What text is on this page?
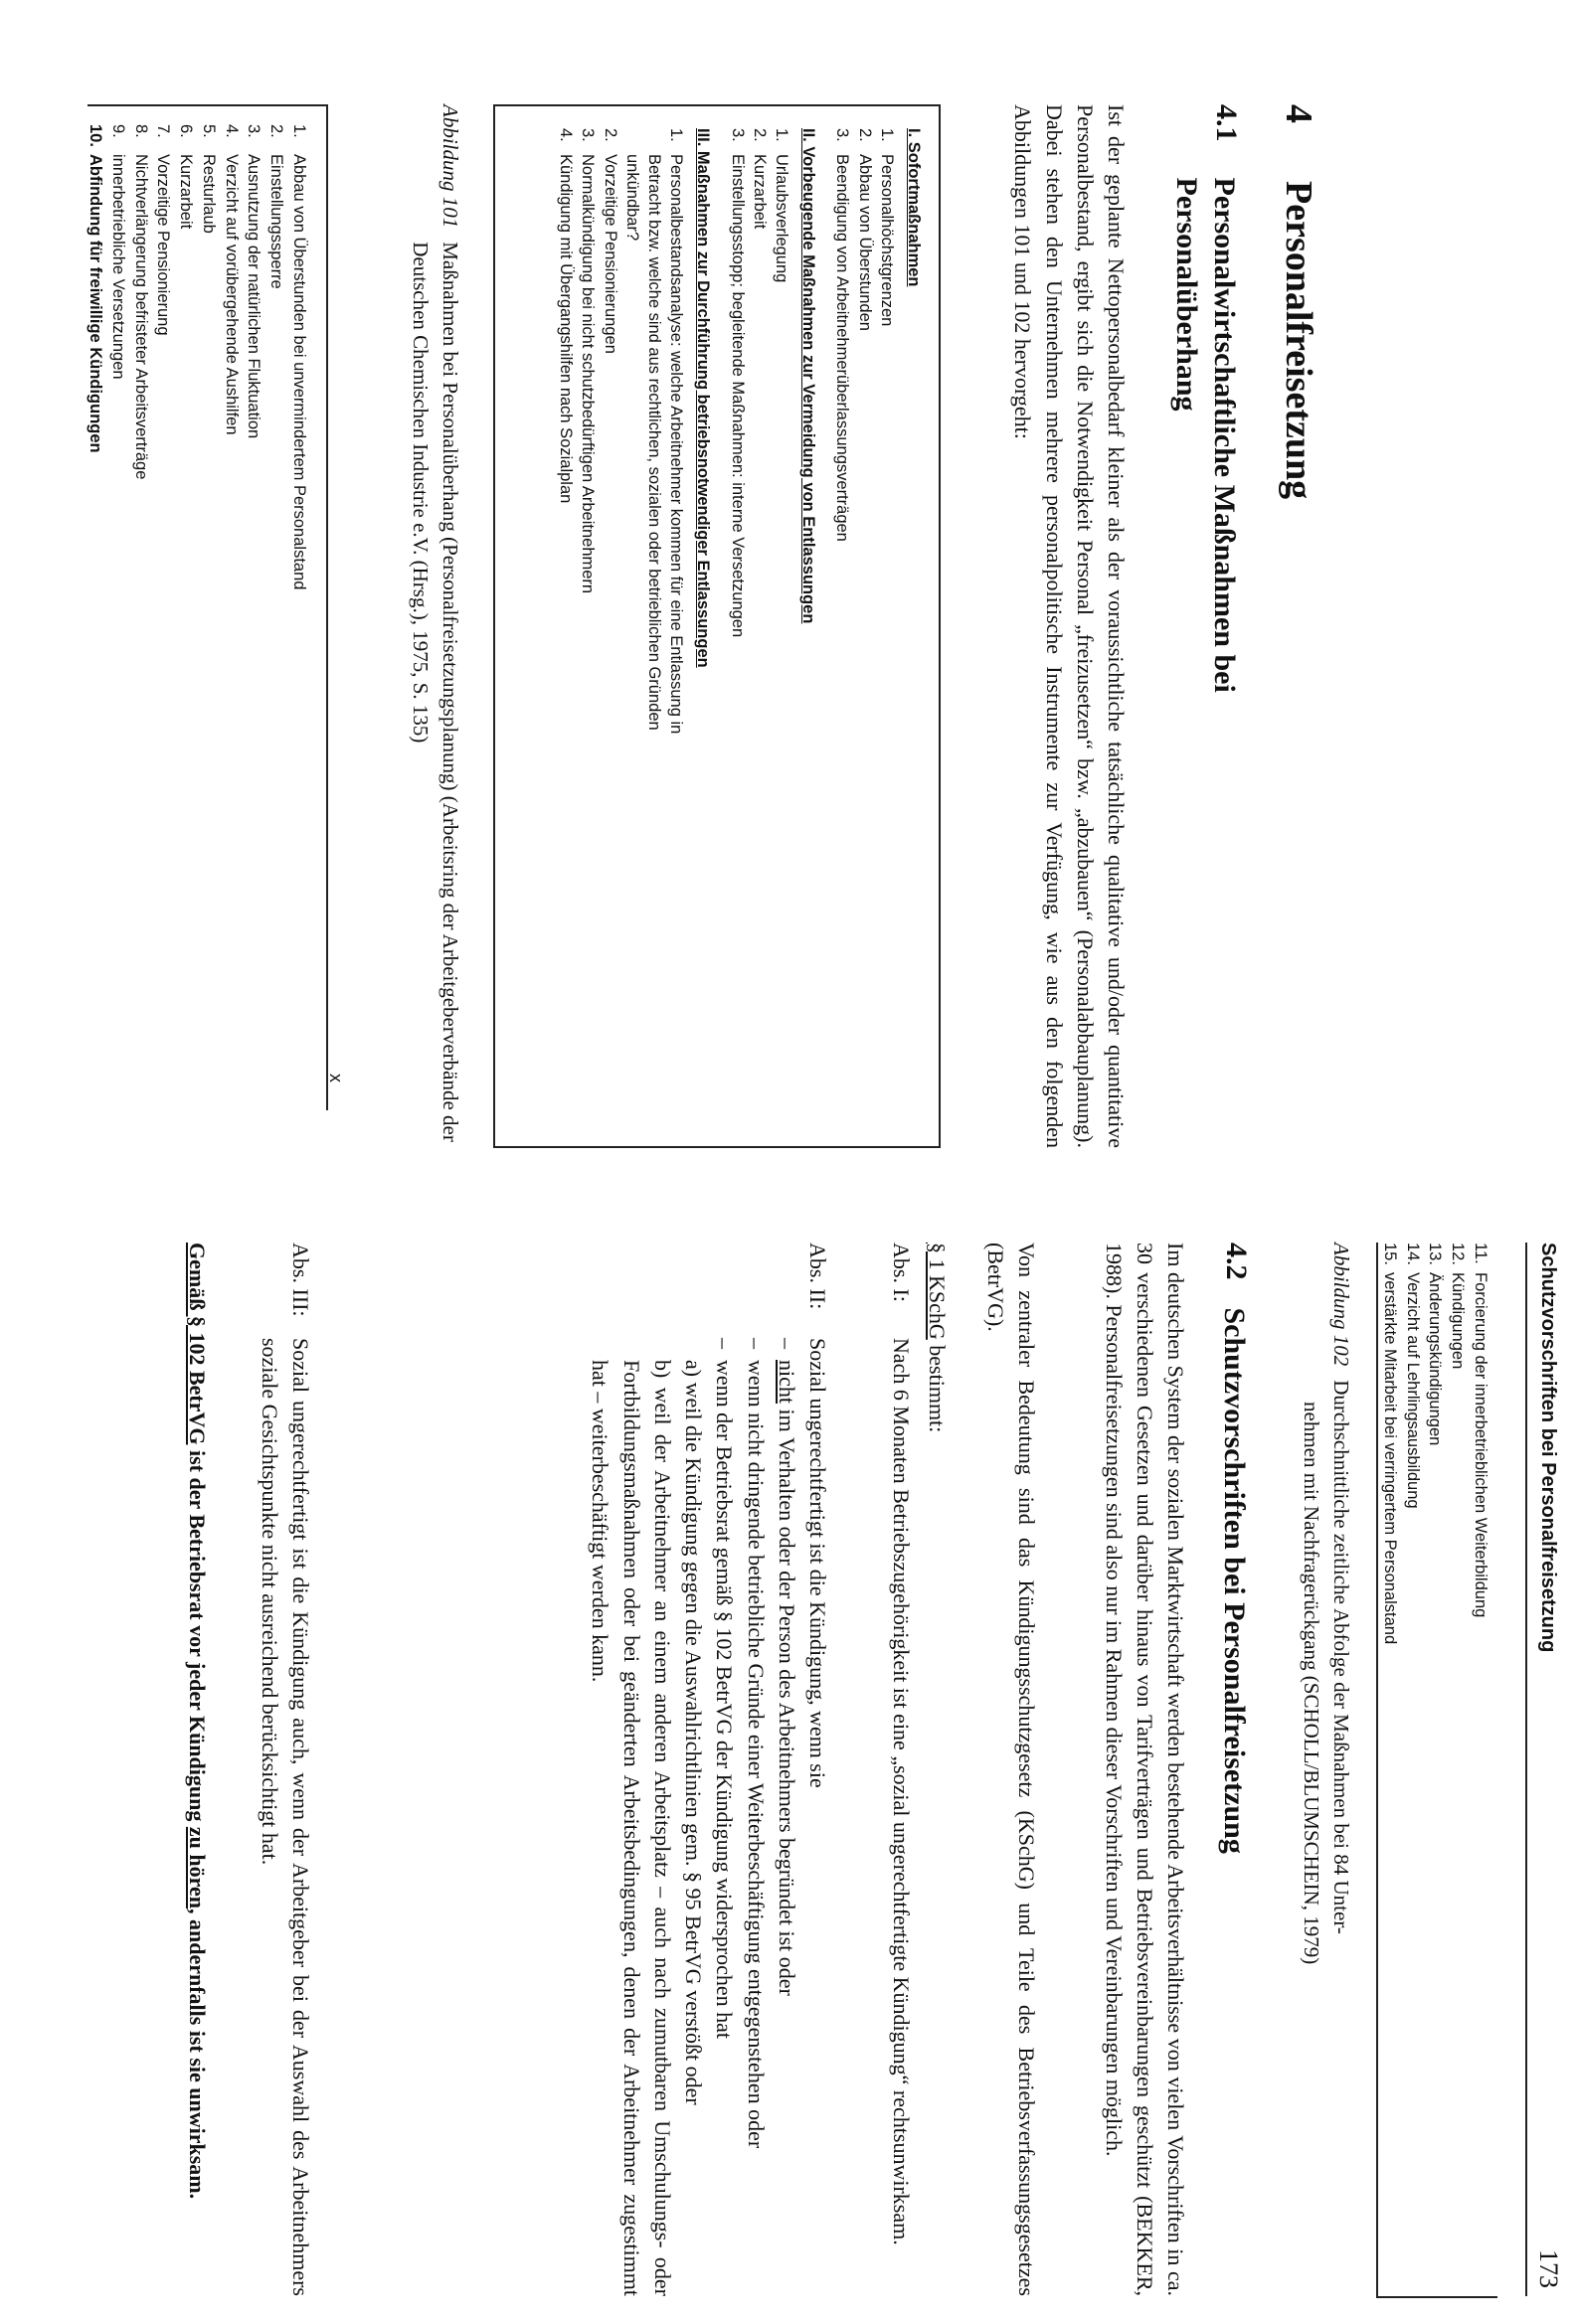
4
Personalfreisetzung
4.1
Personalwirtschaftliche Maßnahmen bei
Personalüberhang

Ist der geplante Nettopersonalbedarf kleiner als der voraussichtliche tatsächliche qualitative und/oder quantitative Personalbestand, ergibt sich die Notwendigkeit Personal „freizusetzen“ bzw. „abzubauen“ (Personalabbauplanung). Dabei stehen den Unternehmen mehrere personalpolitische Instrumente zur Verfügung, wie aus den folgenden Abbildungen 101 und 102 hervorgeht:

I. Sofortmaßnahmen
1.
Personalhöchstgrenzen
2.
Abbau von Überstunden
3.
Beendigung von Arbeitnehmerüberlassungsverträgen
II. Vorbeugende Maßnahmen zur Vermeidung von Entlassungen
1.
Urlaubsverlegung
2.
Kurzarbeit
3.
Einstellungsstopp; begleitende Maßnahmen: interne Versetzungen
III. Maßnahmen zur Durchführung betriebsnotwendiger Entlassungen
1.
Personalbestandsanalyse: welche Arbeitnehmer kommen für eine Entlassung in Betracht bzw. welche sind aus rechtlichen, sozialen oder betrieblichen Gründen unkündbar?
2.
Vorzeitige Pensionierungen
3.
Normalkündigung bei nicht schutzbedürftigen Arbeitnehmern
4.
Kündigung mit Übergangshilfen nach Sozialplan
Abbildung 101
Maßnahmen bei Personalüberhang (Personalfreisetzungsplanung) (Arbeitsring der Arbeitgeberverbände der Deutschen Chemischen Industrie e.V. (Hrsg.), 1975, S. 135)
x
1.
Abbau von Überstunden bei unvermindertem Personalstand
2.
Einstellungssperre
3.
Ausnutzung der natürlichen Fluktuation
4.
Verzicht auf vorübergehende Aushilfen
5.
Resturlaub
6.
Kurzarbeit
7.
Vorzeitige Pensionierung
8.
Nichtverlängerung befristeter Arbeitsverträge
9.
innerbetriebliche Versetzungen
10.
Abfindung für freiwillige Kündigungen
Schutzvorschriften bei Personalfreisetzung
173
11.
Forcierung der innerbetrieblichen Weiterbildung
12.
Kündigungen
13.
Änderungskündigungen
14.
Verzicht auf Lehrlingsausbildung
15.
verstärkte Mitarbeit bei verringertem Personalstand
Abbildung 102
Durchschnittliche zeitliche Abfolge der Maßnahmen bei 84 Unter-
nehmen mit Nachfragerückgang (SCHOLL/BLUMSCHEIN, 1979)
4.2
Schutzvorschriften bei Personalfreisetzung

Im deutschen System der sozialen Marktwirtschaft werden bestehende Arbeitsverhältnisse von vielen Vorschriften in ca. 30 verschiedenen Gesetzen und darüber hinaus von Tarifverträgen und Betriebsvereinbarungen geschützt (BEKKER, 1988). Personalfreisetzungen sind also nur im Rahmen dieser Vorschriften und Vereinbarungen möglich.

Von zentraler Bedeutung sind das Kündigungsschutzgesetz (KSchG) und Teile des Betriebsverfassungsgesetzes (BetrVG).

§ 1 KSchG bestimmt:
Abs. I:
Nach 6 Monaten Betriebszugehörigkeit ist eine „sozial ungerechtfertigte Kündigung“ rechtsunwirksam.
Abs. II:
Sozial ungerechtfertigt ist die Kündigung, wenn sie
–
nicht im Verhalten oder der Person des Arbeitnehmers begründet ist oder
–
wenn nicht dringende betriebliche Gründe einer Weiterbeschäftigung entgegenstehen oder
–
wenn der Betriebsrat gemäß § 102 BetrVG der Kündigung widersprochen hat
a) weil die Kündigung gegen die Auswahlrichtlinien gem. § 95 BetrVG verstößt oder
b) weil der Arbeitnehmer an einem anderen Arbeitsplatz – auch nach zumutbaren Umschulungs- oder Fortbildungsmaßnahmen oder bei geänderten Arbeitsbedingungen, denen der Arbeitnehmer zugestimmt hat – weiterbeschäftigt werden kann.
Abs. III:
Sozial ungerechtfertigt ist die Kündigung auch, wenn der Arbeitgeber bei der Auswahl des Arbeitnehmers soziale Gesichtspunkte nicht ausreichend berücksichtigt hat.
Gemäß § 102 BetrVG ist der Betriebsrat vor jeder Kündigung zu hören, andernfalls ist sie unwirksam.
